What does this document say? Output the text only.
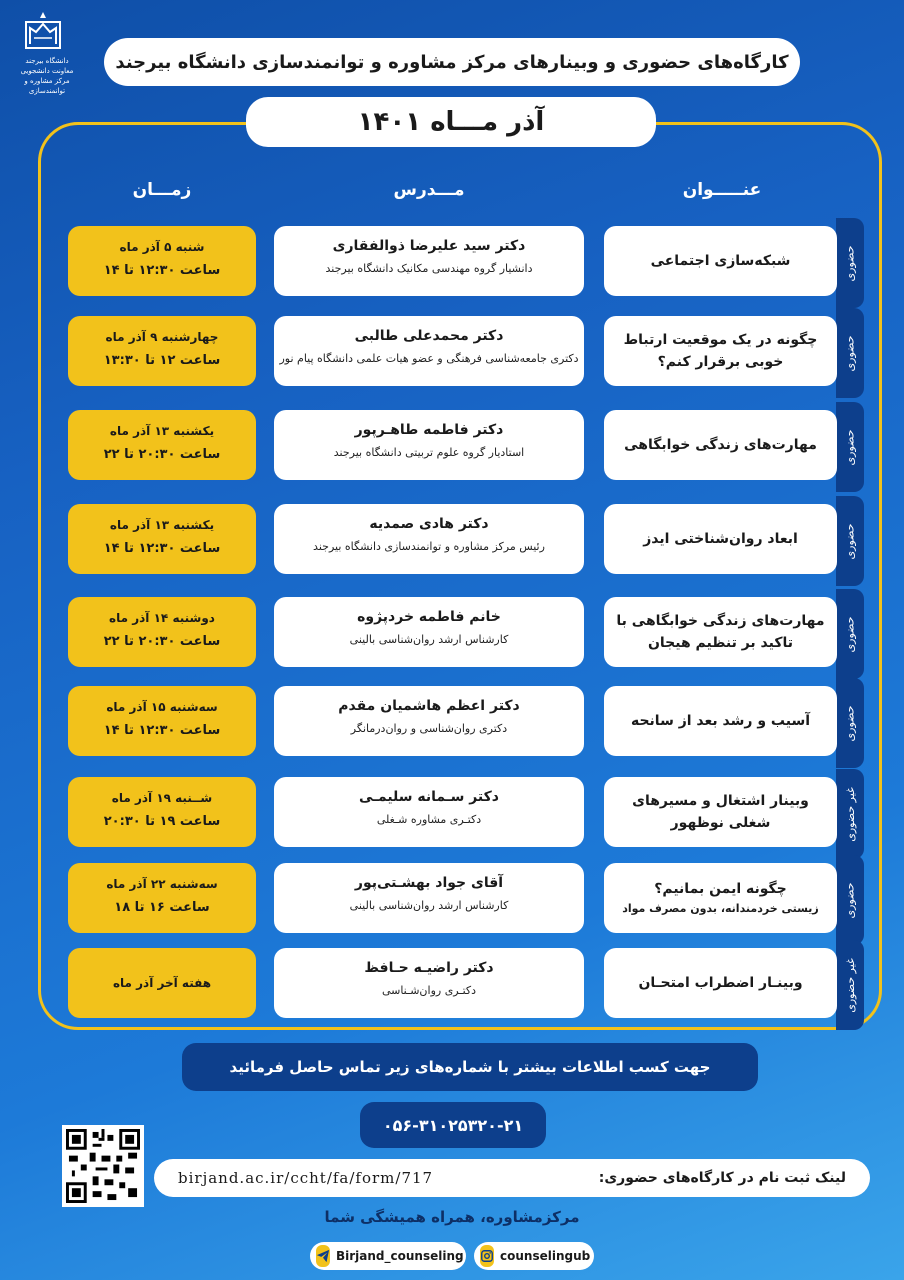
دانشگاه بیرجند
معاونت دانشجویی
مرکز مشاوره و توانمندسازی
کارگاه‌های حضوری و وبینارهای مرکز مشاوره و توانمندسازی دانشگاه بیرجند
آذر مـــاه ۱۴۰۱
عنـــــوان
مـــدرس
زمـــان
حضوری
شبکه‌سازی اجتماعی
دکتر سید علیرضا ذوالفقاری
دانشیار گروه مهندسی مکانیک دانشگاه بیرجند
شنبه ۵ آذر ماه
ساعت ۱۲:۳۰ تا ۱۴
حضوری
چگونه در یک موقعیت ارتباط خوبی برقرار کنم؟
دکتر محمدعلی طالبی
دکتری جامعه‌شناسی فرهنگی و عضو هیات علمی دانشگاه پیام نور
چهارشنبه ۹ آذر ماه
ساعت ۱۲ تا ۱۳:۳۰
حضوری
مهارت‌های زندگی خوابگاهی
دکتر فاطمه طاهـرپور
استادیار گروه علوم تربیتی دانشگاه بیرجند
یکشنبه ۱۳ آذر ماه
ساعت ۲۰:۳۰ تا ۲۲
حضوری
ابعاد روان‌شناختی ایدز
دکتر هادی صمدیه
رئیس مرکز مشاوره و توانمندسازی دانشگاه بیرجند
یکشنبه ۱۳ آذر ماه
ساعت ۱۲:۳۰ تا ۱۴
حضوری
مهارت‌های زندگی خوابگاهی با تاکید بر تنظیم هیجان
خانم فاطمه خردپژوه
کارشناس ارشد روان‌شناسی بالینی
دوشنبه ۱۴ آذر ماه
ساعت ۲۰:۳۰ تا ۲۲
حضوری
آسیب و رشد بعد از سانحه
دکتر اعظم هاشمیان مقدم
دکتری روان‌شناسی و روان‌درمانگر
سه‌شنبه ۱۵ آذر ماه
ساعت ۱۲:۳۰ تا ۱۴
غیر حضوری
وبینار اشتغال و مسیرهای شغلی نوظهور
دکتر سـمانه سلیمـی
دکتـری مشاوره شـغلی
شــنبه ۱۹ آذر ماه
ساعت ۱۹ تا ۲۰:۳۰
حضوری
چگونه ایمن بمانیم؟
زیستی خردمندانه، بدون مصرف مواد
آقای جواد بهشـتی‌پور
کارشناس ارشد روان‌شناسی بالینی
سه‌شنبه ۲۲ آذر ماه
ساعت ۱۶ تا ۱۸
غیر حضوری
وبینـار اضطراب امتحـان
دکتر راضیـه حـافظ
دکتـری روان‌شـناسی
هفته آخر آذر ماه
جهت کسب اطلاعات بیشتر با شماره‌های زیر تماس حاصل فرمائید
۰۵۶-۳۱۰۲۵۳۲۰-۲۱
لینک ثبت نام در کارگاه‌های حضوری:
birjand.ac.ir/ccht/fa/form/717
مرکزمشاوره، همراه همیشگی شما
Birjand_counseling	counselingub
